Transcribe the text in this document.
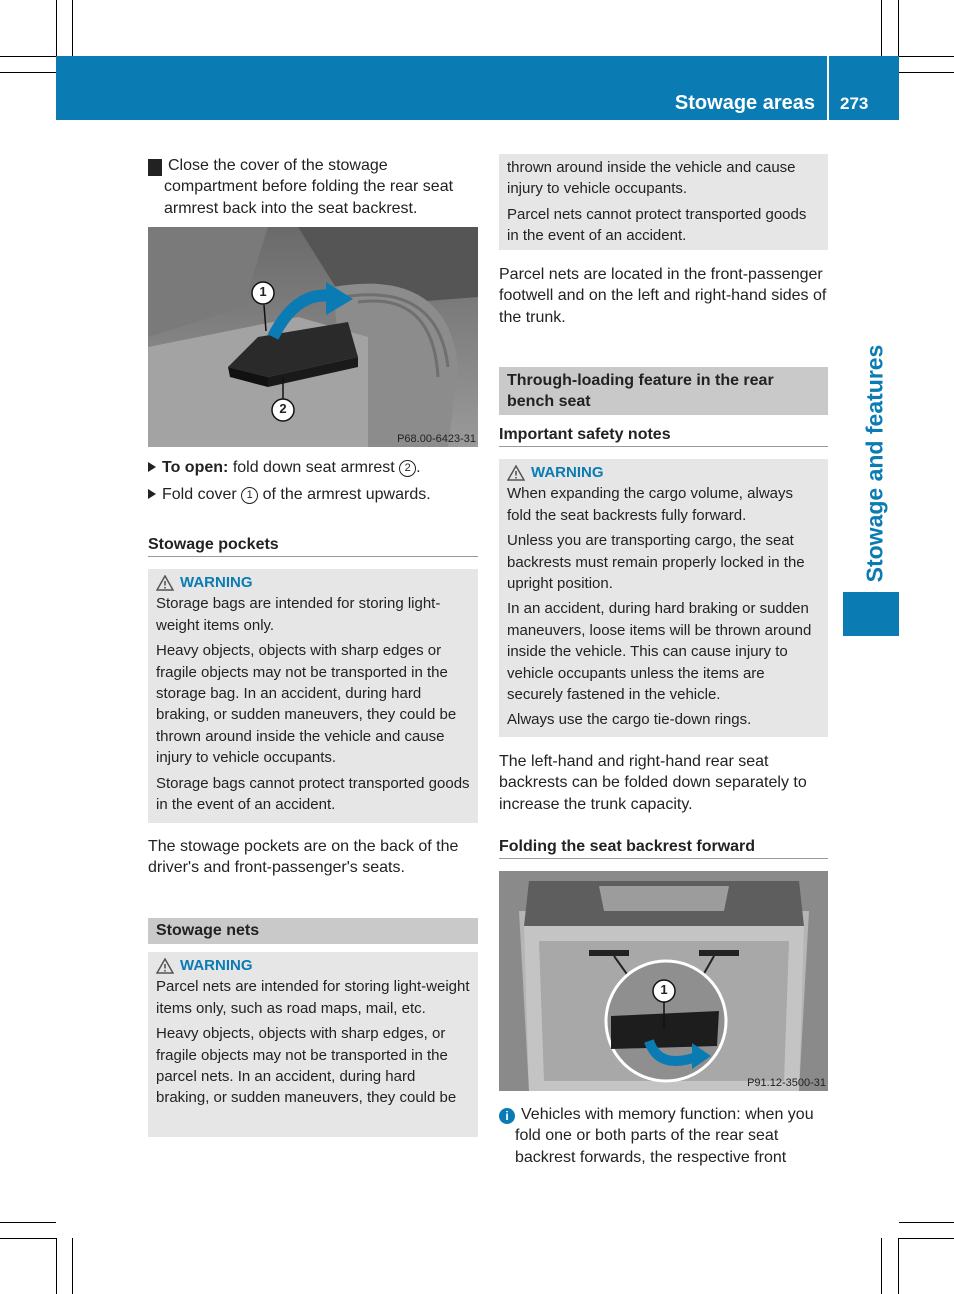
Stowage areas 273
Stowage and features
! Close the cover of the stowage compartment before folding the rear seat armrest back into the seat backrest.
1
2
P68.00-6423-31
To open: fold down seat armrest 2 .
Fold cover 1 of the armrest upwards.
Stowage pockets
WARNING

Storage bags are intended for storing light-weight items only.

Heavy objects, objects with sharp edges or fragile objects may not be transported in the storage bag. In an accident, during hard braking, or sudden maneuvers, they could be thrown around inside the vehicle and cause injury to vehicle occupants.

Storage bags cannot protect transported goods in the event of an accident.

The stowage pockets are on the back of the driver's and front-passenger's seats.
Stowage nets
WARNING

Parcel nets are intended for storing light-weight items only, such as road maps, mail, etc.

Heavy objects, objects with sharp edges, or fragile objects may not be transported in the parcel nets. In an accident, during hard braking, or sudden maneuvers, they could be

thrown around inside the vehicle and cause injury to vehicle occupants.

Parcel nets cannot protect transported goods in the event of an accident.

Parcel nets are located in the front-passenger footwell and on the left and right-hand sides of the trunk.
Through-loading feature in the rear bench seat
Important safety notes
WARNING

When expanding the cargo volume, always fold the seat backrests fully forward.

Unless you are transporting cargo, the seat backrests must remain properly locked in the upright position.

In an accident, during hard braking or sudden maneuvers, loose items will be thrown around inside the vehicle. This can cause injury to vehicle occupants unless the items are securely fastened in the vehicle.

Always use the cargo tie-down rings.

The left-hand and right-hand rear seat backrests can be folded down separately to increase the trunk capacity.
Folding the seat backrest forward
1
P91.12-3500-31
i Vehicles with memory function: when you fold one or both parts of the rear seat backrest forwards, the respective front
